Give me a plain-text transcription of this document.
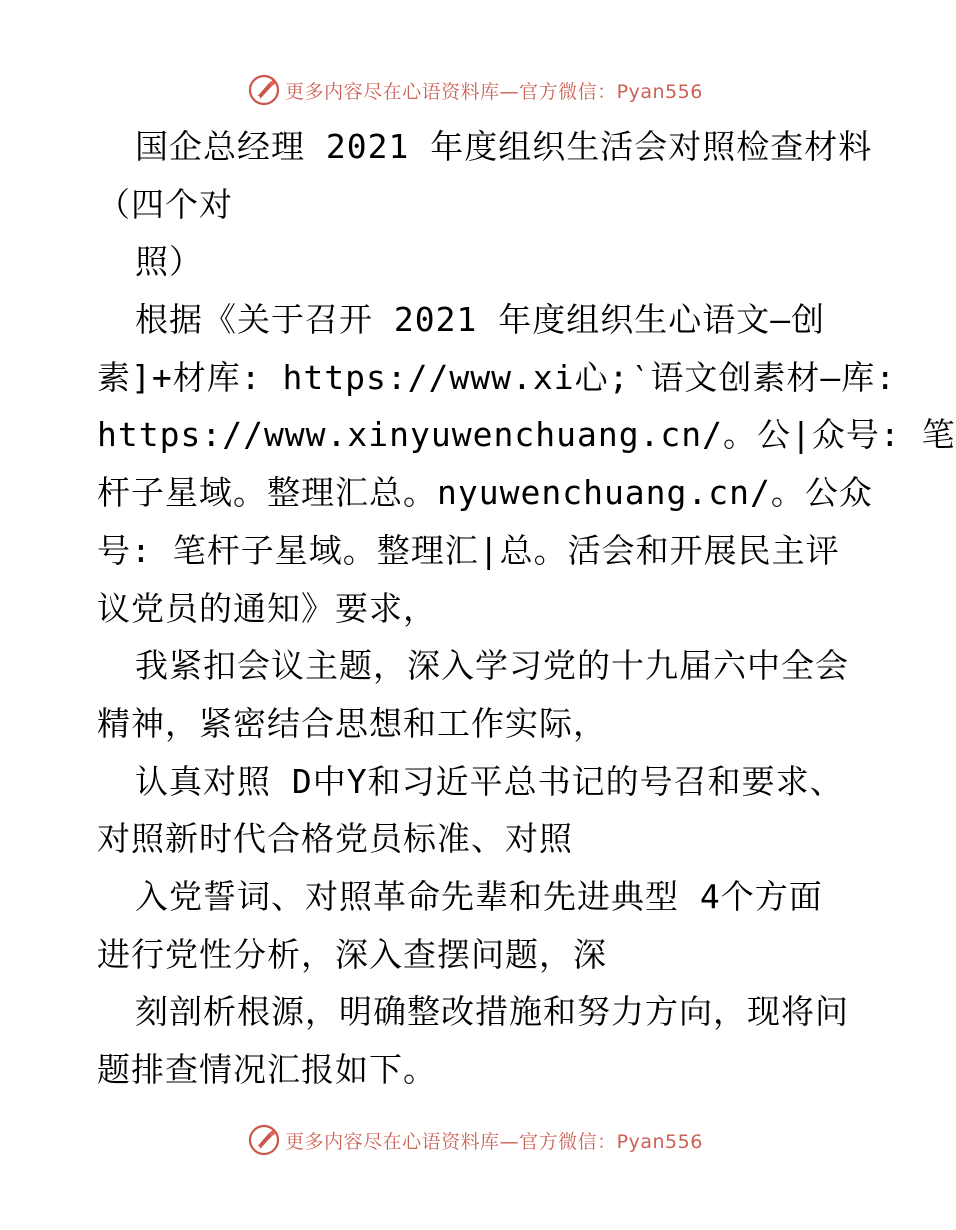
更多内容尽在心语资料库—官方微信：Pyan556
国企总经理 2021 年度组织生活会对照检查材料
（四个对
照）
根据《关于召开 2021 年度组织生心语文—创
素]+材库: https://www.xi心;‵语文创素材—库:
https://www.xinyuwenchuang.cn/。公|众号: 笔
杆子星域。整理汇总。nyuwenchuang.cn/。公众
号: 笔杆子星域。整理汇|总。活会和开展民主评
议党员的通知》要求，
我紧扣会议主题，深入学习党的十九届六中全会
精神，紧密结合思想和工作实际，
认真对照 D中Y和习近平总书记的号召和要求、
对照新时代合格党员标准、对照
入党誓词、对照革命先辈和先进典型 4个方面
进行党性分析，深入查摆问题，深
刻剖析根源，明确整改措施和努力方向，现将问
题排查情况汇报如下。
更多内容尽在心语资料库—官方微信：Pyan556
